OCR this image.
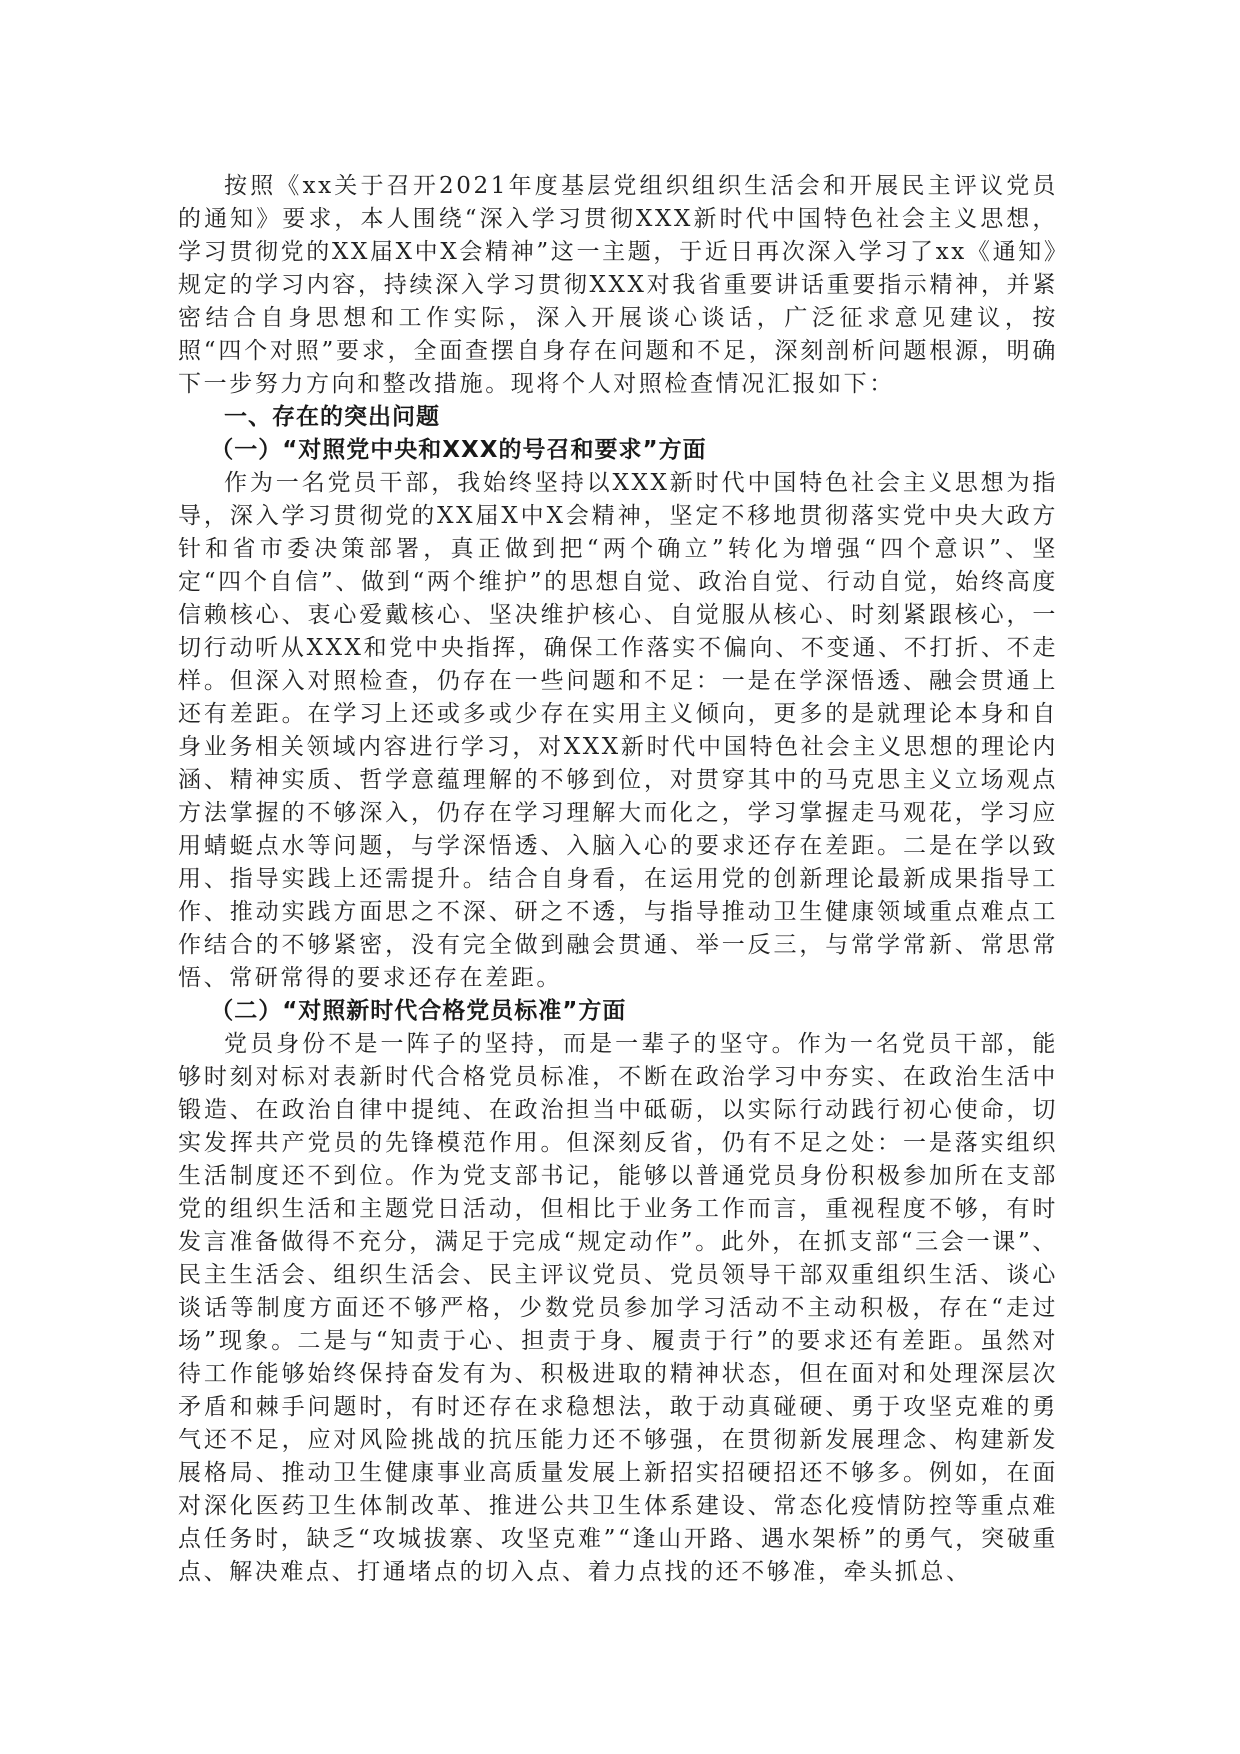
按照《xx关于召开2021年度基层党组织组织生活会和开展民主评议党员的通知》要求，本人围绕“深入学习贯彻XXX新时代中国特色社会主义思想，学习贯彻党的XX届X中X会精神”这一主题，于近日再次深入学习了xx《通知》规定的学习内容，持续深入学习贯彻XXX对我省重要讲话重要指示精神，并紧密结合自身思想和工作实际，深入开展谈心谈话，广泛征求意见建议，按照“四个对照”要求，全面查摆自身存在问题和不足，深刻剖析问题根源，明确下一步努力方向和整改措施。现将个人对照检查情况汇报如下：

一、存在的突出问题
（一）“对照党中央和XXX的号召和要求”方面

作为一名党员干部，我始终坚持以XXX新时代中国特色社会主义思想为指导，深入学习贯彻党的XX届X中X会精神，坚定不移地贯彻落实党中央大政方针和省市委决策部署，真正做到把“两个确立”转化为增强“四个意识”、坚定“四个自信”、做到“两个维护”的思想自觉、政治自觉、行动自觉，始终高度信赖核心、衷心爱戴核心、坚决维护核心、自觉服从核心、时刻紧跟核心，一切行动听从XXX和党中央指挥，确保工作落实不偏向、不变通、不打折、不走样。但深入对照检查，仍存在一些问题和不足：一是在学深悟透、融会贯通上还有差距。在学习上还或多或少存在实用主义倾向，更多的是就理论本身和自身业务相关领域内容进行学习，对XXX新时代中国特色社会主义思想的理论内涵、精神实质、哲学意蕴理解的不够到位，对贯穿其中的马克思主义立场观点方法掌握的不够深入，仍存在学习理解大而化之，学习掌握走马观花，学习应用蜻蜓点水等问题，与学深悟透、入脑入心的要求还存在差距。二是在学以致用、指导实践上还需提升。结合自身看，在运用党的创新理论最新成果指导工作、推动实践方面思之不深、研之不透，与指导推动卫生健康领域重点难点工作结合的不够紧密，没有完全做到融会贯通、举一反三，与常学常新、常思常悟、常研常得的要求还存在差距。

（二）“对照新时代合格党员标准”方面

党员身份不是一阵子的坚持，而是一辈子的坚守。作为一名党员干部，能够时刻对标对表新时代合格党员标准，不断在政治学习中夯实、在政治生活中锻造、在政治自律中提纯、在政治担当中砥砺，以实际行动践行初心使命，切实发挥共产党员的先锋模范作用。但深刻反省，仍有不足之处：一是落实组织生活制度还不到位。作为党支部书记，能够以普通党员身份积极参加所在支部党的组织生活和主题党日活动，但相比于业务工作而言，重视程度不够，有时发言准备做得不充分，满足于完成“规定动作”。此外，在抓支部“三会一课”、民主生活会、组织生活会、民主评议党员、党员领导干部双重组织生活、谈心谈话等制度方面还不够严格，少数党员参加学习活动不主动积极，存在“走过场”现象。二是与“知责于心、担责于身、履责于行”的要求还有差距。虽然对待工作能够始终保持奋发有为、积极进取的精神状态，但在面对和处理深层次矛盾和棘手问题时，有时还存在求稳想法，敢于动真碰硬、勇于攻坚克难的勇气还不足，应对风险挑战的抗压能力还不够强，在贯彻新发展理念、构建新发展格局、推动卫生健康事业高质量发展上新招实招硬招还不够多。例如，在面对深化医药卫生体制改革、推进公共卫生体系建设、常态化疫情防控等重点难点任务时，缺乏“攻城拔寨、攻坚克难”“逢山开路、遇水架桥”的勇气，突破重点、解决难点、打通堵点的切入点、着力点找的还不够准，牵头抓总、
